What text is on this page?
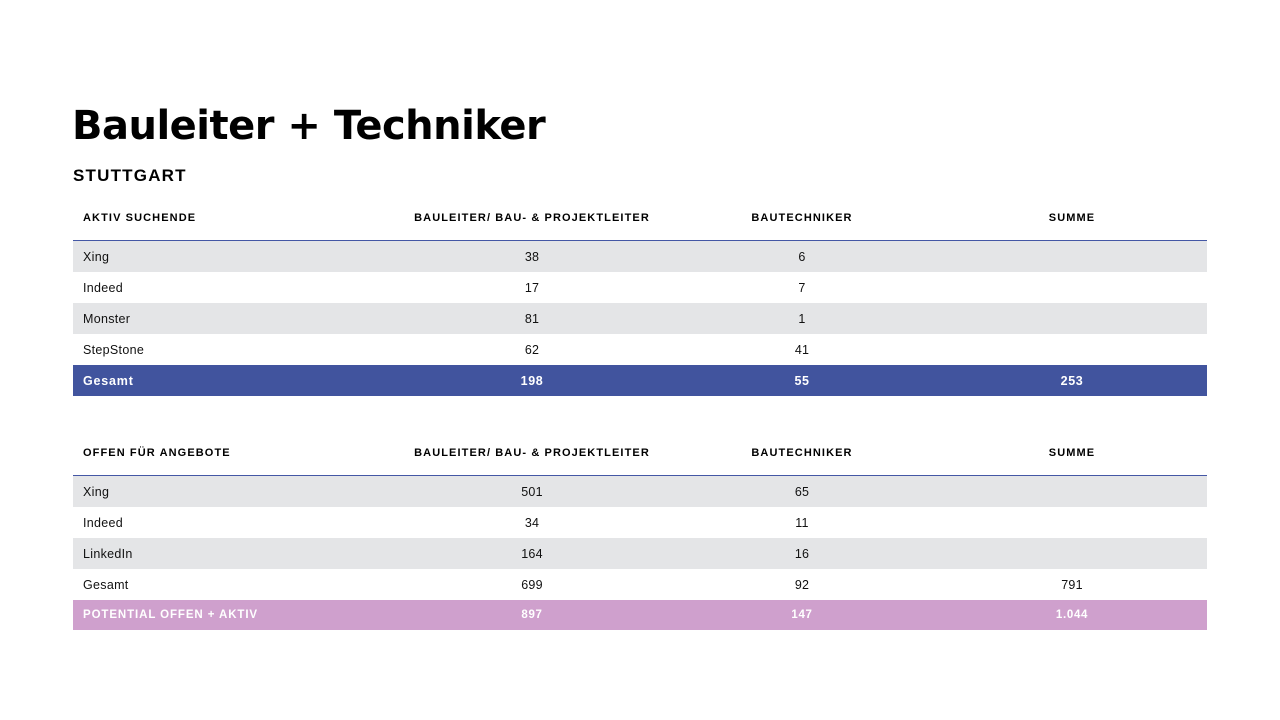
Bauleiter + Techniker
STUTTGART
AKTIV SUCHENDE	BAULEITER/ BAU- & PROJEKTLEITER	BAUTECHNIKER	SUMME

Xing	38	6	
Indeed	17	7	
Monster	81	1	
StepStone	62	41	
Gesamt	198	55	253
OFFEN FÜR ANGEBOTE	BAULEITER/ BAU- & PROJEKTLEITER	BAUTECHNIKER	SUMME

Xing	501	65	
Indeed	34	11	
LinkedIn	164	16	
Gesamt	699	92	791
POTENTIAL OFFEN + AKTIV	897	147	1.044
